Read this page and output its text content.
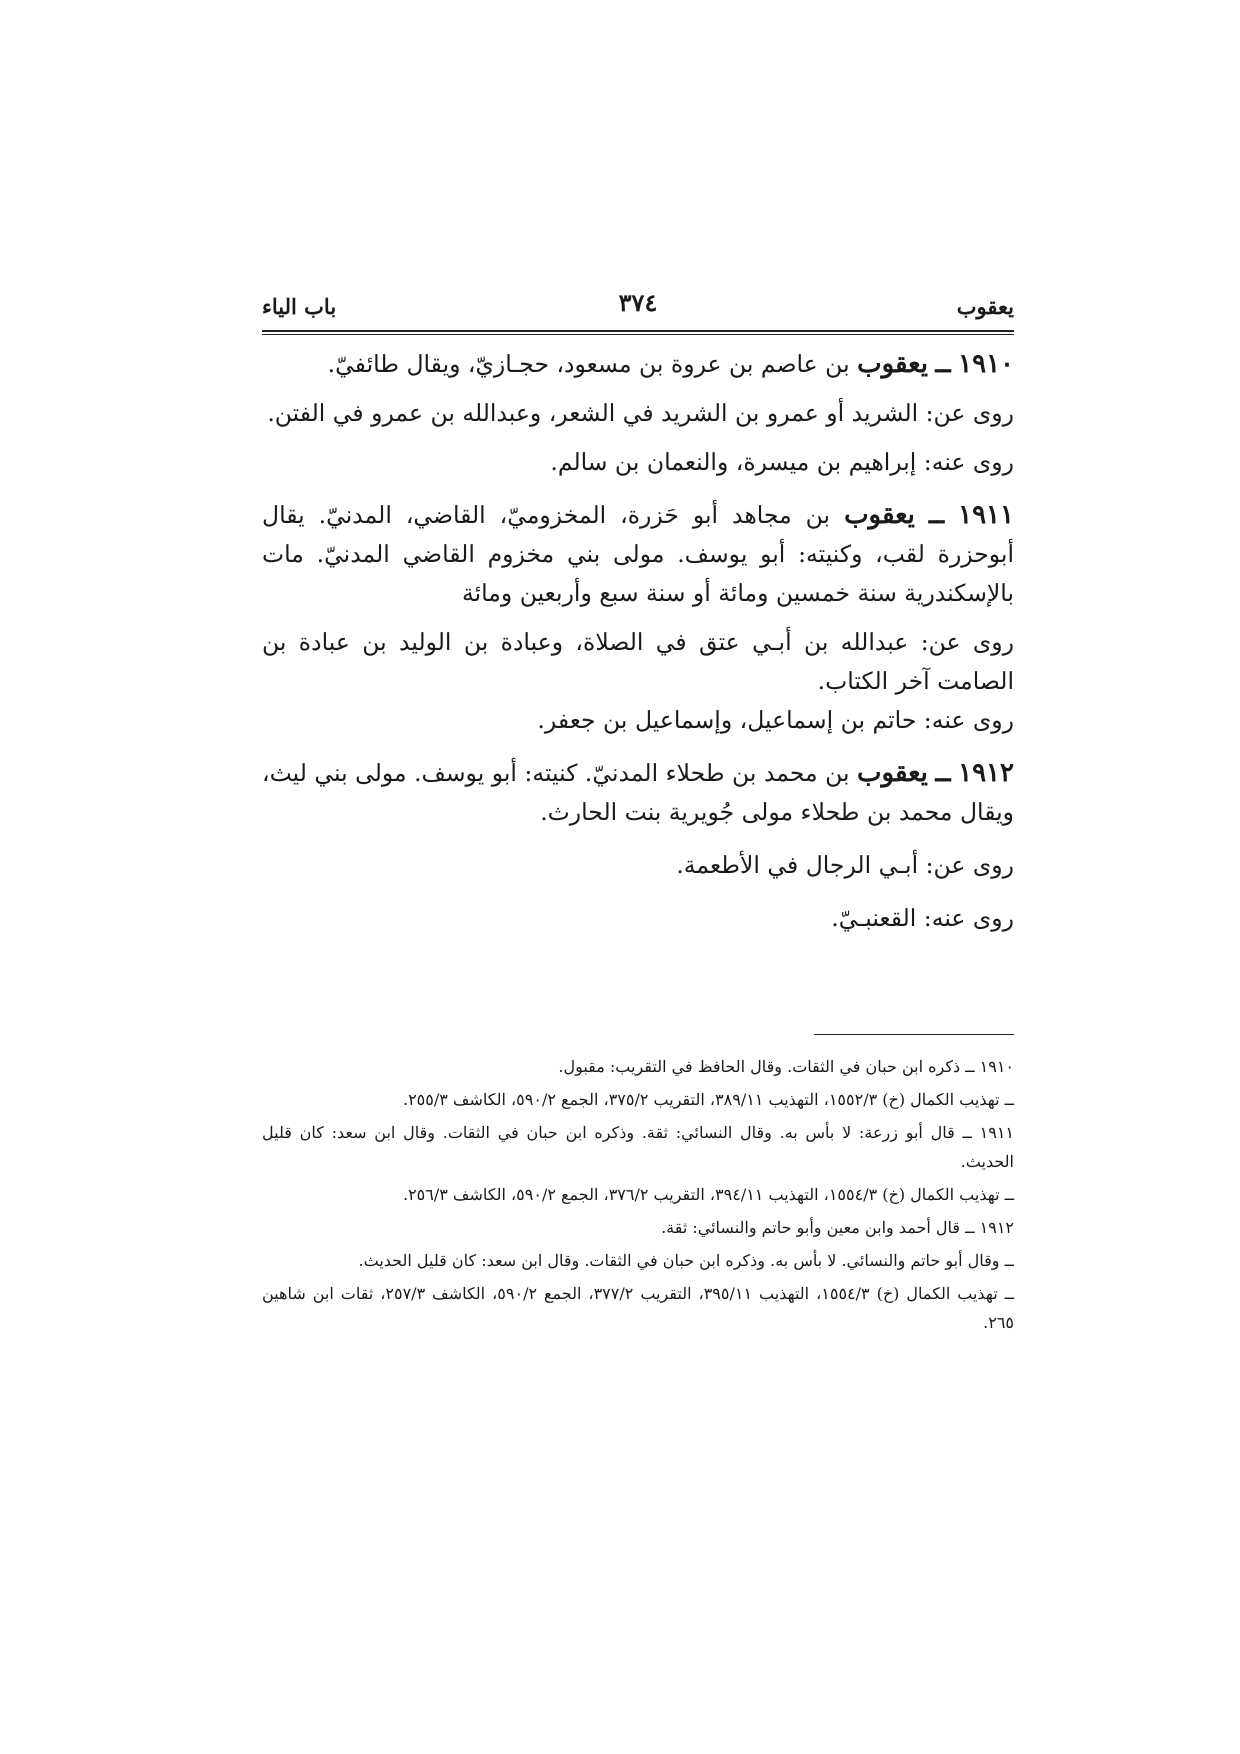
يعقوب
٣٧٤
باب الياء

١٩١٠ ــ يعقوب بن عاصم بن عروة بن مسعود، حجـازيّ، ويقال طائفيّ.

روى عن: الشريد أو عمرو بن الشريد في الشعر، وعبدالله بن عمرو في الفتن.

روى عنه: إبراهيم بن ميسرة، والنعمان بن سالم.

١٩١١ ــ يعقوب بن مجاهد أبو حَزرة، المخزوميّ، القاضي، المدنيّ. يقال أبوحزرة لقب، وكنيته: أبو يوسف. مولى بني مخزوم القاضي المدنيّ. مات بالإسكندرية سنة خمسين ومائة أو سنة سبع وأربعين ومائة

روى عن: عبدالله بن أبـي عتق في الصلاة، وعبادة بن الوليد بن عبادة بن الصامت آخر الكتاب.

روى عنه: حاتم بن إسماعيل، وإسماعيل بن جعفر.

١٩١٢ ــ يعقوب بن محمد بن طحلاء المدنيّ. كنيته: أبو يوسف. مولى بني ليث، ويقال محمد بن طحلاء مولى جُويرية بنت الحارث.

روى عن: أبـي الرجال في الأطعمة.

روى عنه: القعنبـيّ.

١٩١٠ ــ ذكره ابن حبان في الثقات. وقال الحافظ في التقريب: مقبول.

ــ تهذيب الكمال (خ) ١٥٥٢/٣، التهذيب ٣٨٩/١١، التقريب ٣٧٥/٢، الجمع ٥٩٠/٢، الكاشف ٢٥٥/٣.

١٩١١ ــ قال أبو زرعة: لا بأس به. وقال النسائي: ثقة. وذكره ابن حبان في الثقات. وقال ابن سعد: كان قليل الحديث.

ــ تهذيب الكمال (خ) ١٥٥٤/٣، التهذيب ٣٩٤/١١، التقريب ٣٧٦/٢، الجمع ٥٩٠/٢، الكاشف ٢٥٦/٣.

١٩١٢ ــ قال أحمد وابن معين وأبو حاتم والنسائي: ثقة.

ــ وقال أبو حاتم والنسائي. لا بأس به. وذكره ابن حبان في الثقات. وقال ابن سعد: كان قليل الحديث.

ــ تهذيب الكمال (خ) ١٥٥٤/٣، التهذيب ٣٩٥/١١، التقريب ٣٧٧/٢، الجمع ٥٩٠/٢، الكاشف ٢٥٧/٣، ثقات ابن شاهين ٢٦٥.
